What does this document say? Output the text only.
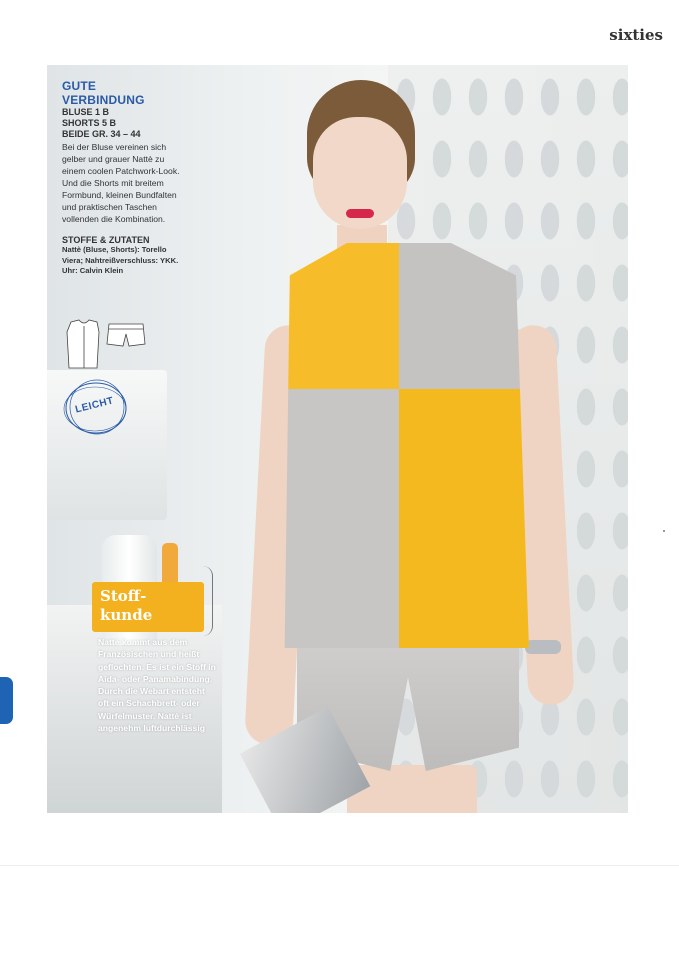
sixties
GUTE VERBINDUNG
BLUSE 1 B
SHORTS 5 B
BEIDE GR. 34 – 44
Bei der Bluse vereinen sich gelber und grauer Nattè zu einem coolen Patchwork-Look. Und die Shorts mit breitem Formbund, kleinen Bundfalten und praktischen Taschen vollenden die Kombination.
STOFFE & ZUTATEN
Nattè (Bluse, Shorts): Torello Viera; Nahtreißverschluss: YKK. Uhr: Calvin Klein
LEICHT
Stoff-
kunde
Nattè kommt aus dem Französischen und heißt geflochten. Es ist ein Stoff in Aida- oder Panamabindung. Durch die Webart entsteht oft ein Schachbrett- oder Würfelmuster. Nattè ist angenehm luftdurchlässig
